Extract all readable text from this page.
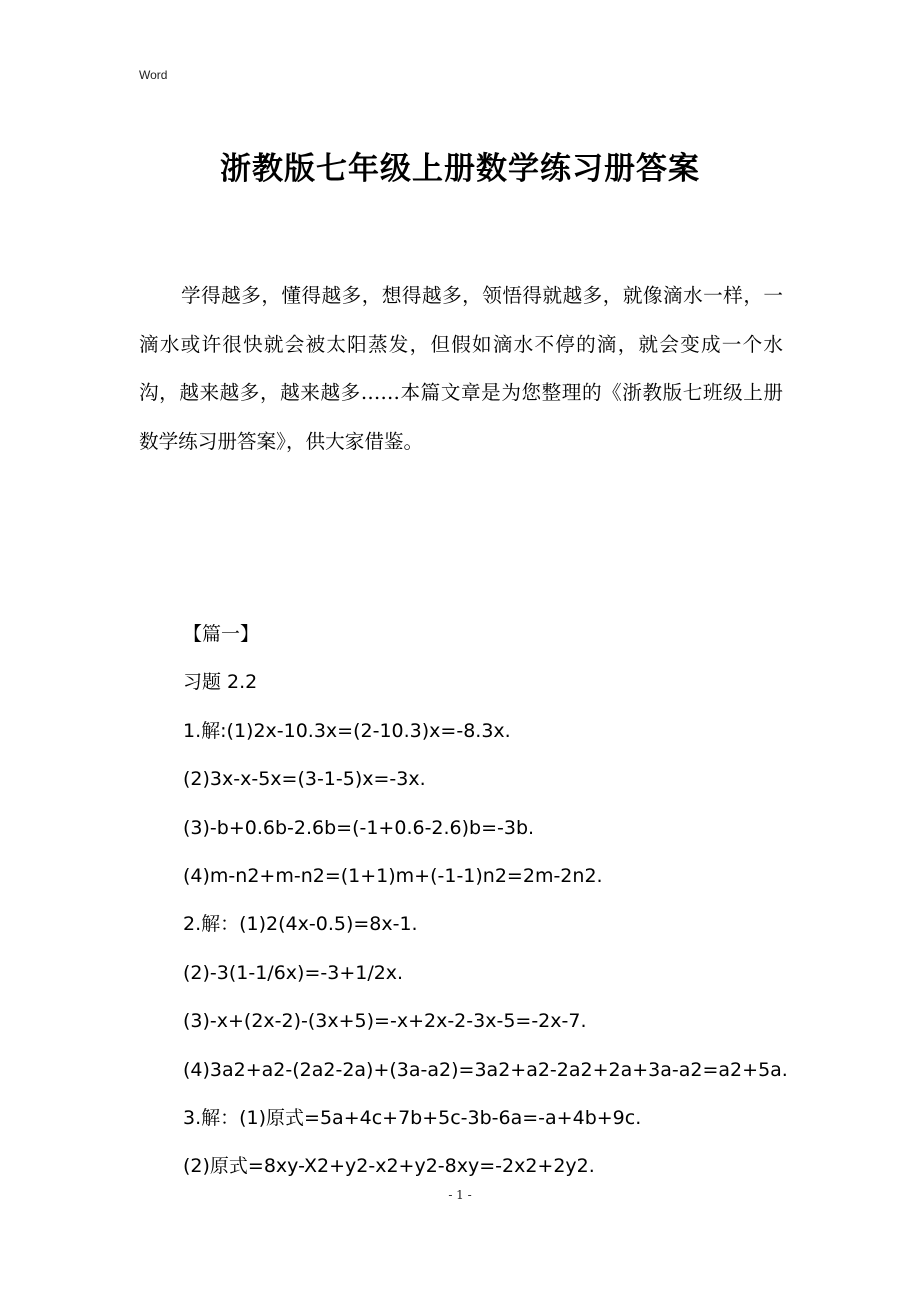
Word
浙教版七年级上册数学练习册答案

学得越多，懂得越多，想得越多，领悟得就越多，就像滴水一样，一滴水或许很快就会被太阳蒸发，但假如滴水不停的滴，就会变成一个水沟，越来越多，越来越多……本篇文章是为您整理的《浙教版七班级上册数学练习册答案》，供大家借鉴。

【篇一】
习题 2.2
1.解:(1)2x-10.3x=(2-10.3)x=-8.3x.
(2)3x-x-5x=(3-1-5)x=-3x.
(3)-b+0.6b-2.6b=(-1+0.6-2.6)b=-3b.
(4)m-n2+m-n2=(1+1)m+(-1-1)n2=2m-2n2.
2.解：(1)2(4x-0.5)=8x-1.
(2)-3(1-1/6x)=-3+1/2x.
(3)-x+(2x-2)-(3x+5)=-x+2x-2-3x-5=-2x-7.
(4)3a2+a2-(2a2-2a)+(3a-a2)=3a2+a2-2a2+2a+3a-a2=a2+5a.
3.解：(1)原式=5a+4c+7b+5c-3b-6a=-a+4b+9c.
(2)原式=8xy-X2+y2-x2+y2-8xy=-2x2+2y2.
- 1 -
